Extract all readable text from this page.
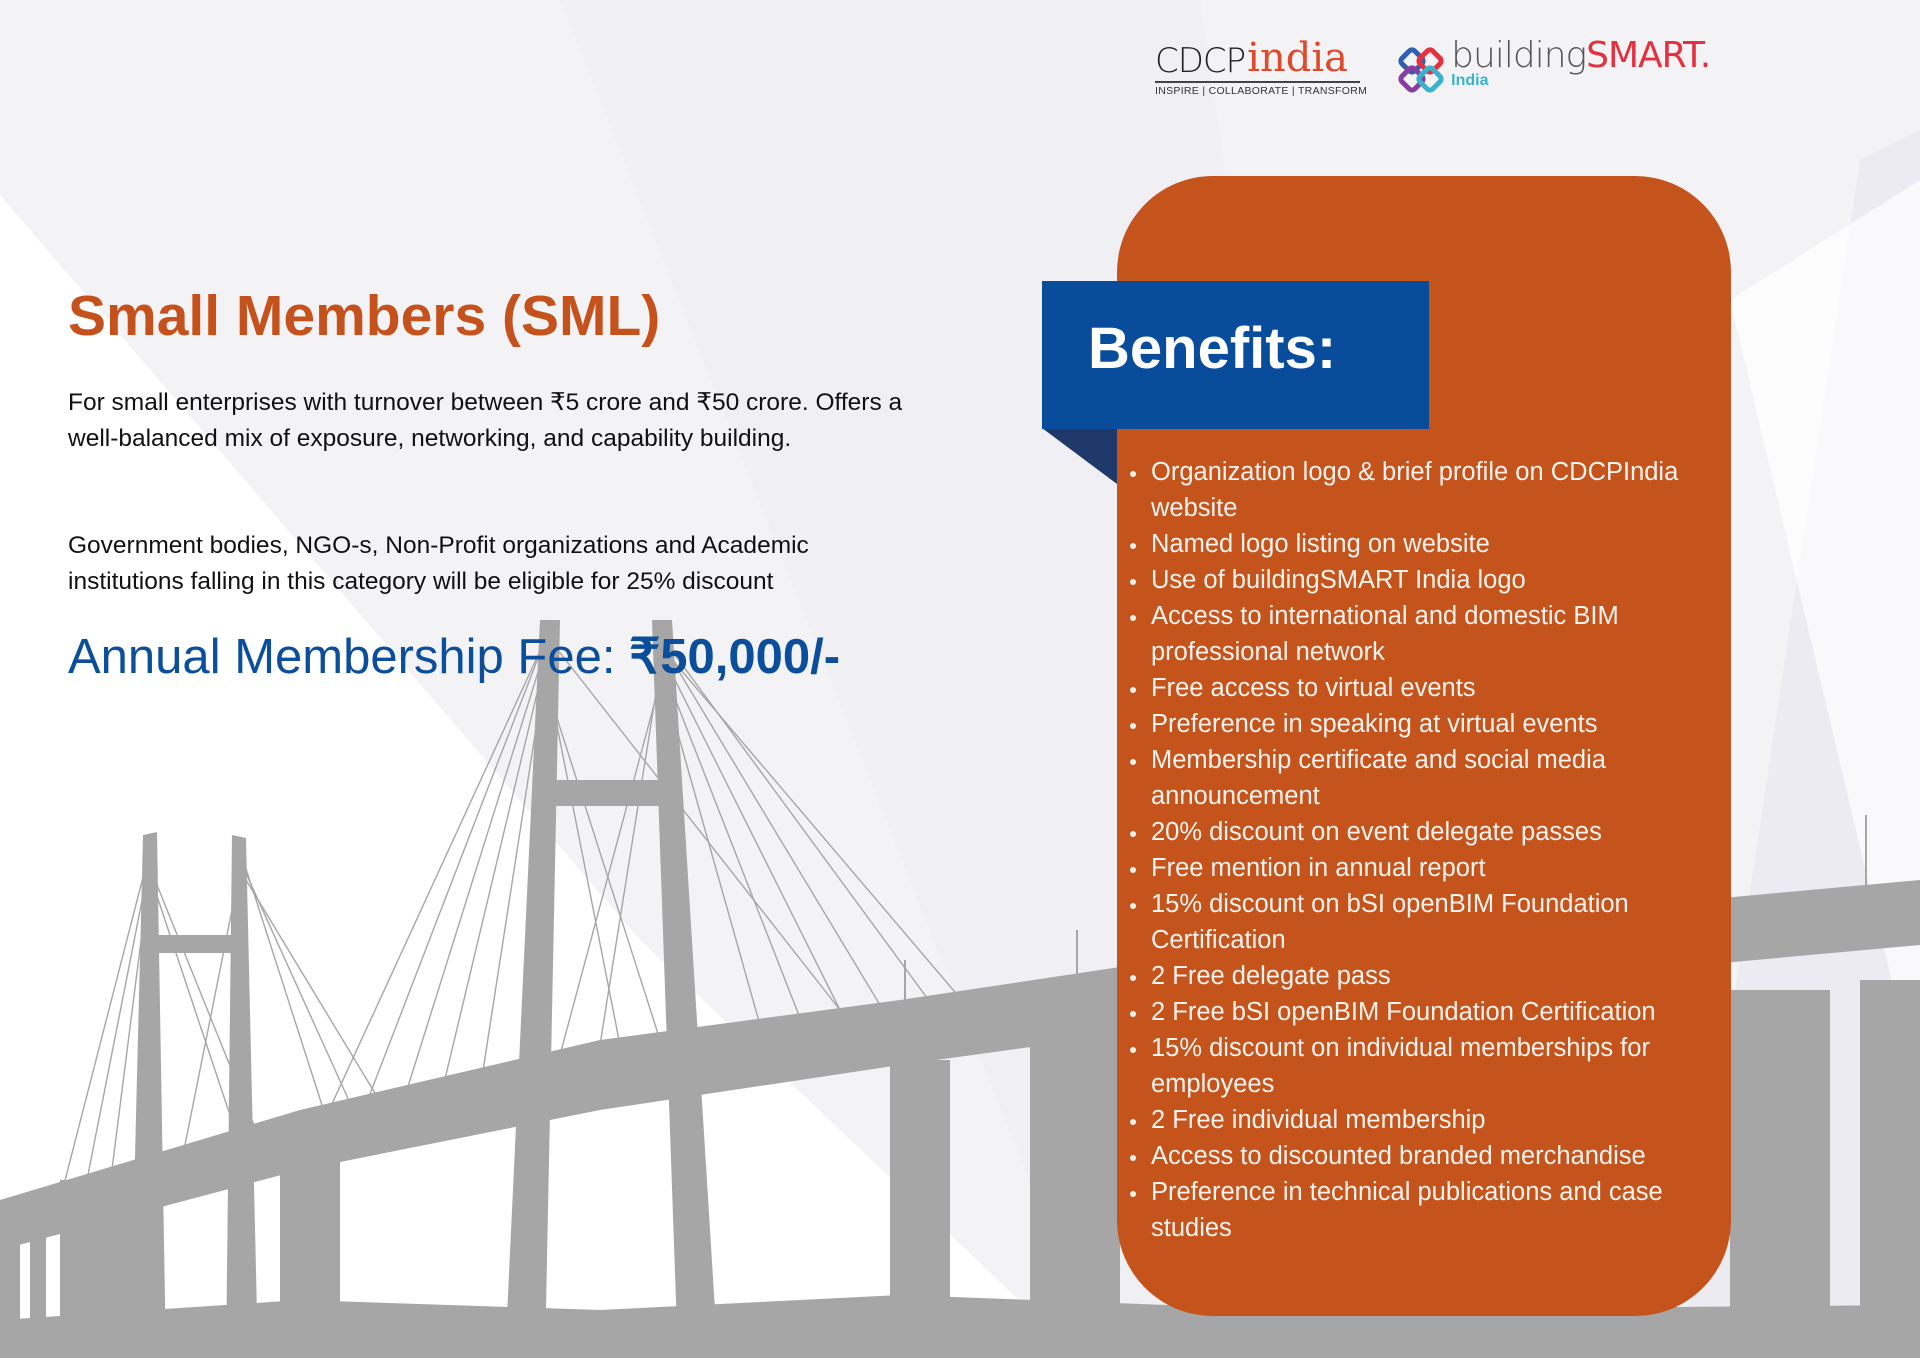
CDCP india
INSPIRE | COLLABORATE | TRANSFORM
building SMART.
India
Small Members (SML)

For small enterprises with turnover between ₹5 crore and ₹50 crore. Offers a well-balanced mix of exposure, networking, and capability building.

Government bodies, NGO-s, Non-Profit organizations and Academic institutions falling in this category will be eligible for 25% discount

Annual Membership Fee: ₹50,000/-

Benefits:
Organization logo & brief profile on CDCPIndia website
Named logo listing on website
Use of buildingSMART India logo
Access to international and domestic BIM professional network
Free access to virtual events
Preference in speaking at virtual events
Membership certificate and social media announcement
20% discount on event delegate passes
Free mention in annual report
15% discount on bSI openBIM Foundation Certification
2 Free delegate pass
2 Free bSI openBIM Foundation Certification
15% discount on individual memberships for employees
2 Free individual membership
Access to discounted branded merchandise
Preference in technical publications and case studies
